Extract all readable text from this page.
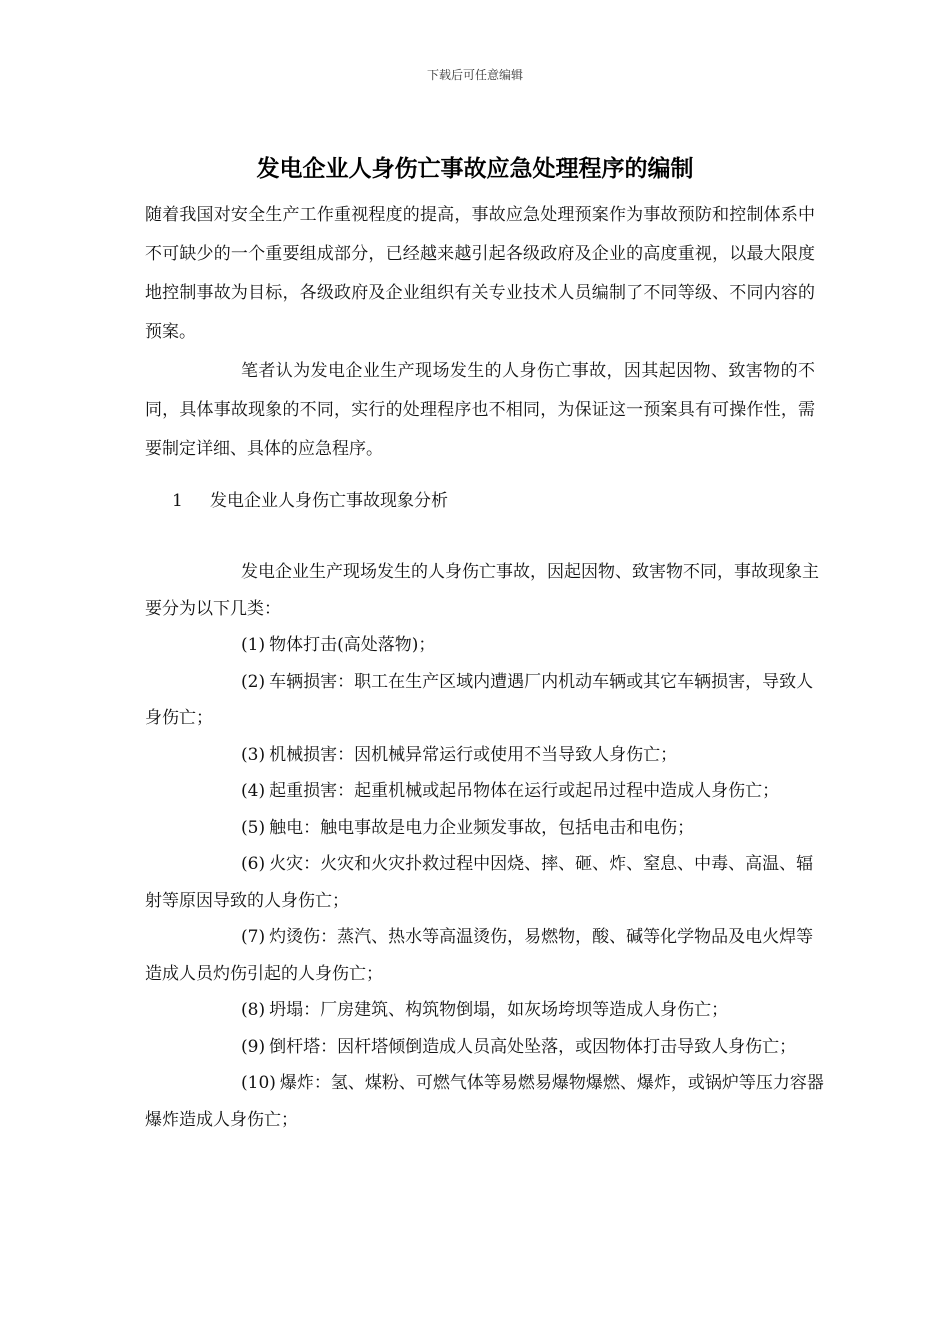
下载后可任意编辑
发电企业人身伤亡事故应急处理程序的编制

随着我国对安全生产工作重视程度的提高，事故应急处理预案作为事故预防和控制体系中不可缺少的一个重要组成部分，已经越来越引起各级政府及企业的高度重视，以最大限度地控制事故为目标，各级政府及企业组织有关专业技术人员编制了不同等级、不同内容的预案。

笔者认为发电企业生产现场发生的人身伤亡事故，因其起因物、致害物的不同，具体事故现象的不同，实行的处理程序也不相同，为保证这一预案具有可操作性，需要制定详细、具体的应急程序。

1 发电企业人身伤亡事故现象分析

发电企业生产现场发生的人身伤亡事故，因起因物、致害物不同，事故现象主要分为以下几类：

(1) 物体打击(高处落物)；

(2) 车辆损害：职工在生产区域内遭遇厂内机动车辆或其它车辆损害，导致人身伤亡；

(3) 机械损害：因机械异常运行或使用不当导致人身伤亡；

(4) 起重损害：起重机械或起吊物体在运行或起吊过程中造成人身伤亡；

(5) 触电：触电事故是电力企业频发事故，包括电击和电伤；

(6) 火灾：火灾和火灾扑救过程中因烧、摔、砸、炸、窒息、中毒、高温、辐射等原因导致的人身伤亡；

(7) 灼烫伤：蒸汽、热水等高温烫伤，易燃物，酸、碱等化学物品及电火焊等造成人员灼伤引起的人身伤亡；

(8) 坍塌：厂房建筑、构筑物倒塌，如灰场垮坝等造成人身伤亡；

(9) 倒杆塔：因杆塔倾倒造成人员高处坠落，或因物体打击导致人身伤亡；

(10) 爆炸：氢、煤粉、可燃气体等易燃易爆物爆燃、爆炸，或锅炉等压力容器爆炸造成人身伤亡；
